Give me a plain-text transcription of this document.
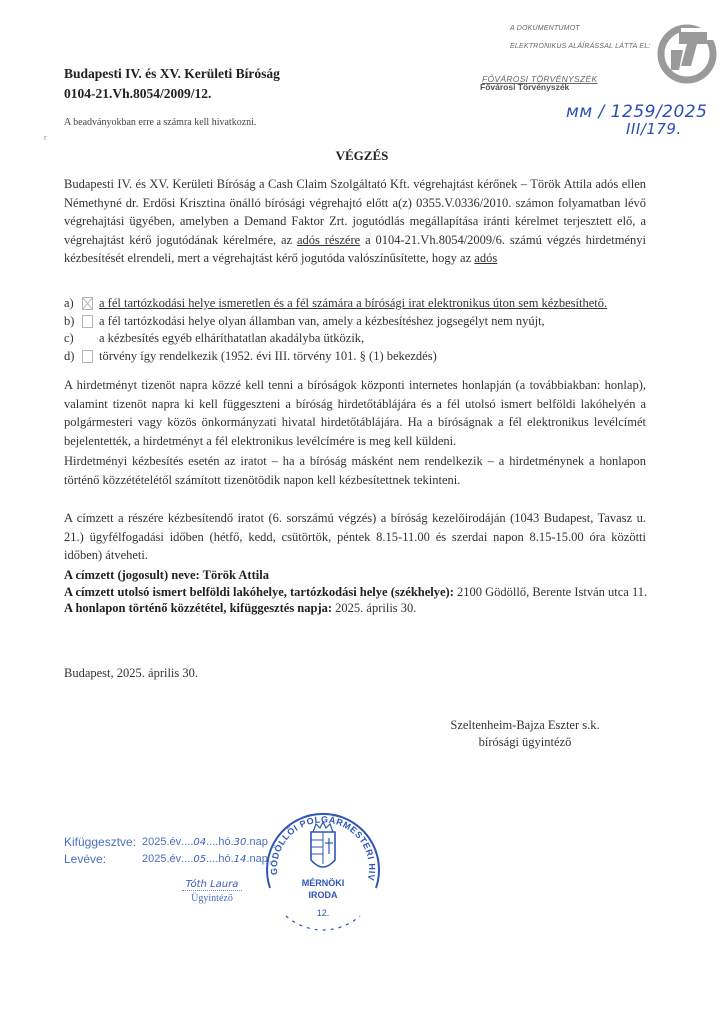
Budapesti IV. és XV. Kerületi Bíróság
0104-21.Vh.8054/2009/12.
A beadványokban erre a számra kell hivatkozni.
r
A DOKUMENTUMOT
ELEKTRONIKUS ALÁÍRÁSSAL LÁTTA EL:
FŐVÁROSI TÖRVÉNYSZÉK
Fővárosi Törvényszék
ᴍᴍ / 1259/2025
III/179.
VÉGZÉS
Budapesti IV. és XV. Kerületi Bíróság a Cash Claim Szolgáltató Kft. végrehajtást kérőnek – Török Attila adós ellen Némethyné dr. Erdősi Krisztina önálló bírósági végrehajtó előtt a(z) 0355.V.0336/2010. számon folyamatban lévő végrehajtási ügyében, amelyben a Demand Faktor Zrt. jogutódlás megállapítása iránti kérelmet terjesztett elő, a végrehajtást kérő jogutódának kérelmére, az adós részére a 0104-21.Vh.8054/2009/6. számú végzés hirdetményi kézbesítését elrendeli, mert a végrehajtást kérő jogutóda valószínűsítette, hogy az adós
a)	a fél tartózkodási helye ismeretlen és a fél számára a bírósági irat elektronikus úton sem kézbesíthető.
b)	a fél tartózkodási helye olyan államban van, amely a kézbesítéshez jogsegélyt nem nyújt,
c)	a kézbesítés egyéb elháríthatatlan akadályba ütközik,
d)	törvény így rendelkezik (1952. évi III. törvény 101. § (1) bekezdés)
A hirdetményt tizenöt napra közzé kell tenni a bíróságok központi internetes honlapján (a továbbiakban: honlap), valamint tizenöt napra ki kell függeszteni a bíróság hirdetőtáblájára és a fél utolsó ismert belföldi lakóhelyén a polgármesteri vagy közös önkormányzati hivatal hirdetőtáblájára. Ha a bíróságnak a fél elektronikus levélcímét bejelentették, a hirdetményt a fél elektronikus levélcímére is meg kell küldeni.
Hirdetményi kézbesítés esetén az iratot – ha a bíróság másként nem rendelkezik – a hirdetménynek a honlapon történő közzétételétől számított tizenötödik napon kell kézbesítettnek tekinteni.
A címzett a részére kézbesítendő iratot (6. sorszámú végzés) a bíróság kezelőirodáján (1043 Budapest, Tavasz u. 21.) ügyfélfogadási időben (hétfő, kedd, csütörtök, péntek 8.15-11.00 és szerdai napon 8.15-15.00 óra közötti időben) átveheti.
A címzett (jogosult) neve: Török Attila
A címzett utolsó ismert belföldi lakóhelye, tartózkodási helye (székhelye): 2100 Gödöllő, Berente István utca 11.
A honlapon történő közzététel, kifüggesztés napja: 2025. április 30.
Budapest, 2025. április 30.
Szeltenheim-Bajza Eszter s.k.
bírósági ügyintéző
Kifüggesztve: 2025.év .... 04 .... hó . 30 . nap
Levéve:	2025.év .... 05 .... hó . 14 . nap
Tóth Laura
Ügyintéző
GÖDÖLLŐI POLGÁRMESTERI HIV
MÉRNÖKI
IRODA
12.
